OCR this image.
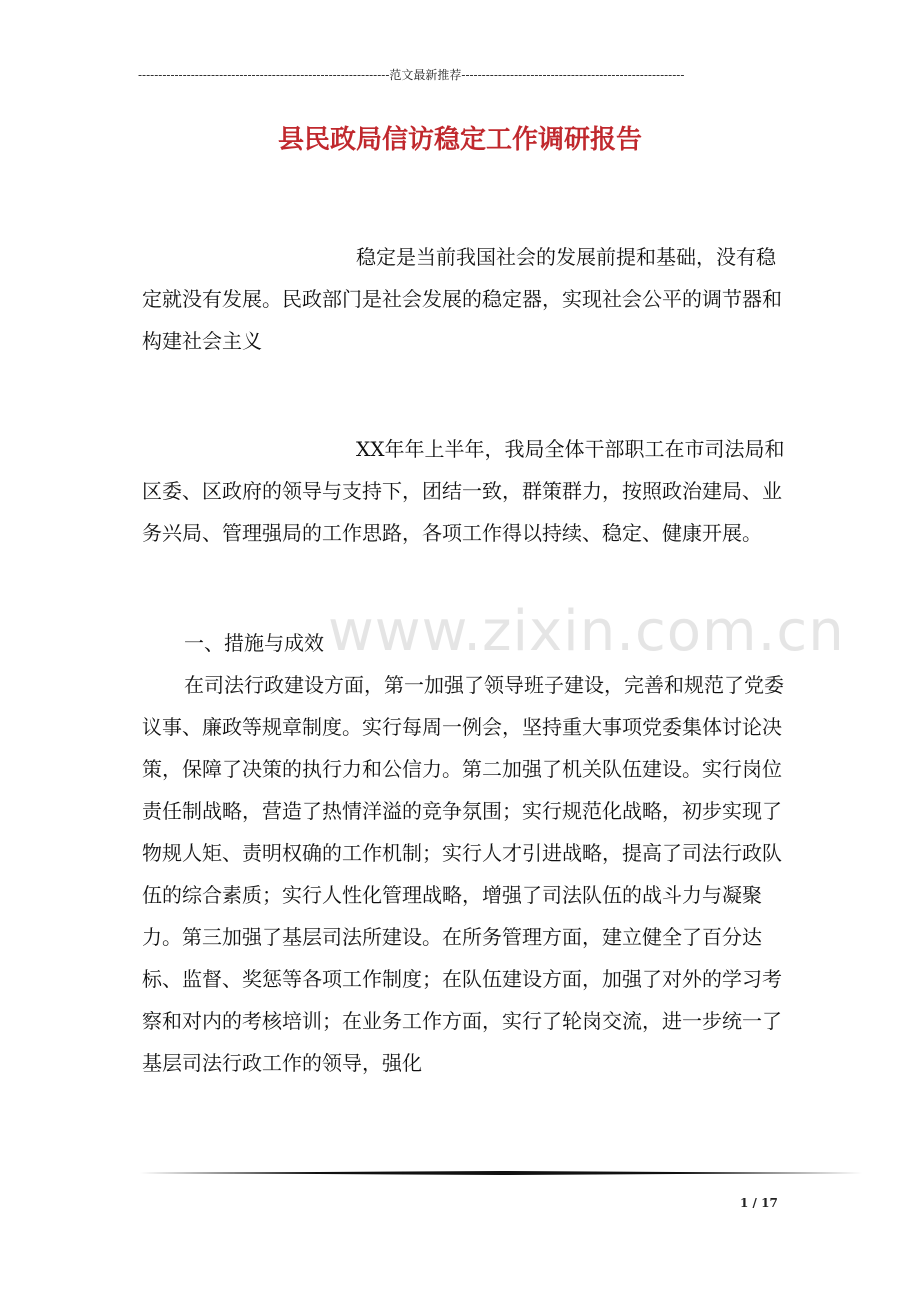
--------------------------------------------------------------范文最新推荐-------------------------------------------------------
县民政局信访稳定工作调研报告

稳定是当前我国社会的发展前提和基础，没有稳定就没有发展。民政部门是社会发展的稳定器，实现社会公平的调节器和构建社会主义

XX年年上半年，我局全体干部职工在市司法局和区委、区政府的领导与支持下，团结一致，群策群力，按照政治建局、业务兴局、管理强局的工作思路，各项工作得以持续、稳定、健康开展。

www.zixin.com.cn

一、措施与成效

在司法行政建设方面，第一加强了领导班子建设，完善和规范了党委议事、廉政等规章制度。实行每周一例会，坚持重大事项党委集体讨论决策，保障了决策的执行力和公信力。第二加强了机关队伍建设。实行岗位责任制战略，营造了热情洋溢的竞争氛围；实行规范化战略，初步实现了物规人矩、责明权确的工作机制；实行人才引进战略，提高了司法行政队伍的综合素质；实行人性化管理战略，增强了司法队伍的战斗力与凝聚力。第三加强了基层司法所建设。在所务管理方面，建立健全了百分达标、监督、奖惩等各项工作制度；在队伍建设方面，加强了对外的学习考察和对内的考核培训；在业务工作方面，实行了轮岗交流，进一步统一了基层司法行政工作的领导，强化

1 / 17
